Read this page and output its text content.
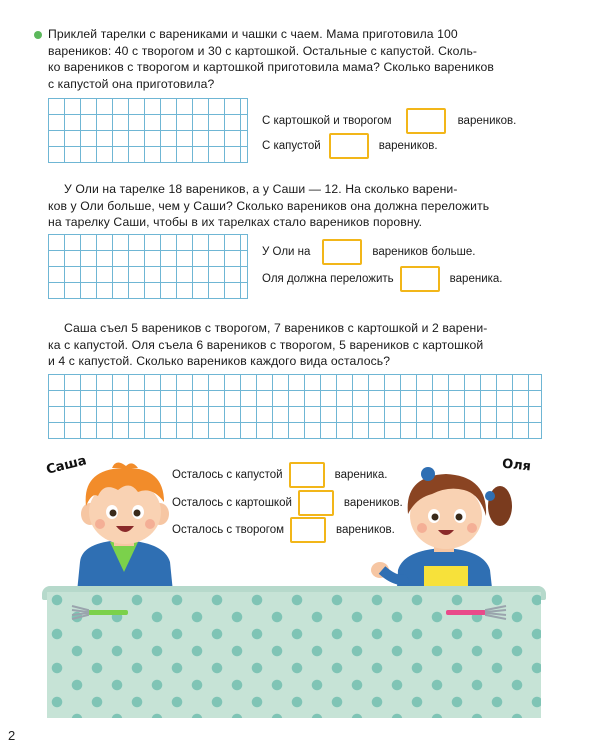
Приклей тарелки с варениками и чашки с чаем. Мама приготовила 100
вареников: 40 с творогом и 30 с картошкой. Остальные с капустой. Сколь-
ко вареников с творогом и картошкой приготовила мама? Сколько вареников
с капустой она приготовила?
С картошкой и творогом	вареников.
С капустой	вареников.
У Оли на тарелке 18 вареников, а у Саши — 12. На сколько варени-
ков у Оли больше, чем у Саши? Сколько вареников она должна переложить
на тарелку Саши, чтобы в их тарелках стало вареников поровну.
У Оли на	вареников больше.
Оля должна переложить	вареника.
Саша съел 5 вареников с творогом, 7 вареников с картошкой и 2 варени-
ка с капустой. Оля съела 6 вареников с творогом, 5 вареников с картошкой
и 4 с капустой. Сколько вареников каждого вида осталось?
Саша	Оля
Осталось с капустой	вареника.
Осталось с картошкой	вареников.
Осталось с творогом	вареников.
2
